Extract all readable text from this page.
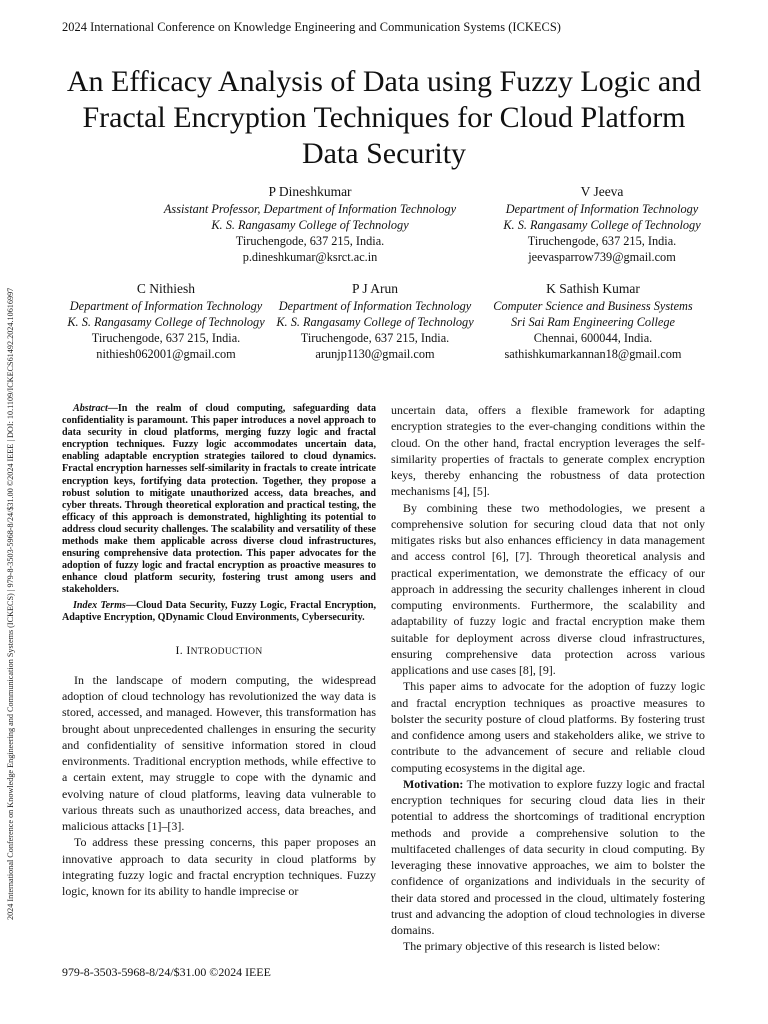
2024 International Conference on Knowledge Engineering and Communication Systems (ICKECS)
2024 International Conference on Knowledge Engineering and Communication Systems (ICKECS) | 979-8-3503-5968-8/24/$31.00 ©2024 IEEE | DOI: 10.1109/ICKECS61492.2024.10616997
An Efficacy Analysis of Data using Fuzzy Logic and Fractal Encryption Techniques for Cloud Platform Data Security
P Dineshkumar
Assistant Professor, Department of Information Technology
K. S. Rangasamy College of Technology
Tiruchengode, 637 215, India.
p.dineshkumar@ksrct.ac.in
V Jeeva
Department of Information Technology
K. S. Rangasamy College of Technology
Tiruchengode, 637 215, India.
jeevasparrow739@gmail.com
C Nithiesh
Department of Information Technology
K. S. Rangasamy College of Technology
Tiruchengode, 637 215, India.
nithiesh062001@gmail.com
P J Arun
Department of Information Technology
K. S. Rangasamy College of Technology
Tiruchengode, 637 215, India.
arunjp1130@gmail.com
K Sathish Kumar
Computer Science and Business Systems
Sri Sai Ram Engineering College
Chennai, 600044, India.
sathishkumarkannan18@gmail.com

Abstract—In the realm of cloud computing, safeguarding data confidentiality is paramount. This paper introduces a novel approach to data security in cloud platforms, merging fuzzy logic and fractal encryption techniques. Fuzzy logic accommodates uncertain data, enabling adaptable encryption strategies tailored to cloud dynamics. Fractal encryption harnesses self-similarity in fractals to create intricate encryption keys, fortifying data protection. Together, they propose a robust solution to mitigate unauthorized access, data breaches, and cyber threats. Through theoretical exploration and practical testing, the efficacy of this approach is demonstrated, highlighting its potential to address cloud security challenges. The scalability and versatility of these methods make them applicable across diverse cloud infrastructures, ensuring comprehensive data protection. This paper advocates for the adoption of fuzzy logic and fractal encryption as proactive measures to enhance cloud platform security, fostering trust among users and stakeholders.

Index Terms—Cloud Data Security, Fuzzy Logic, Fractal Encryption, Adaptive Encryption, QDynamic Cloud Environments, Cybersecurity.

I. INTRODUCTION

In the landscape of modern computing, the widespread adoption of cloud technology has revolutionized the way data is stored, accessed, and managed. However, this transformation has brought about unprecedented challenges in ensuring the security and confidentiality of sensitive information stored in cloud environments. Traditional encryption methods, while effective to a certain extent, may struggle to cope with the dynamic and evolving nature of cloud platforms, leaving data vulnerable to various threats such as unauthorized access, data breaches, and malicious attacks [1]–[3].

To address these pressing concerns, this paper proposes an innovative approach to data security in cloud platforms by integrating fuzzy logic and fractal encryption techniques. Fuzzy logic, known for its ability to handle imprecise or

uncertain data, offers a flexible framework for adapting encryption strategies to the ever-changing conditions within the cloud. On the other hand, fractal encryption leverages the self-similarity properties of fractals to generate complex encryption keys, thereby enhancing the robustness of data protection mechanisms [4], [5].

By combining these two methodologies, we present a comprehensive solution for securing cloud data that not only mitigates risks but also enhances efficiency in data management and access control [6], [7]. Through theoretical analysis and practical experimentation, we demonstrate the efficacy of our approach in addressing the security challenges inherent in cloud computing environments. Furthermore, the scalability and adaptability of fuzzy logic and fractal encryption make them suitable for deployment across diverse cloud infrastructures, ensuring comprehensive data protection across various applications and use cases [8], [9].

This paper aims to advocate for the adoption of fuzzy logic and fractal encryption techniques as proactive measures to bolster the security posture of cloud platforms. By fostering trust and confidence among users and stakeholders alike, we strive to contribute to the advancement of secure and reliable cloud computing ecosystems in the digital age.

Motivation: The motivation to explore fuzzy logic and fractal encryption techniques for securing cloud data lies in their potential to address the shortcomings of traditional encryption methods and provide a comprehensive solution to the multifaceted challenges of data security in cloud computing. By leveraging these innovative approaches, we aim to bolster the confidence of organizations and individuals in the security of their data stored and processed in the cloud, ultimately fostering trust and advancing the adoption of cloud technologies in diverse domains.

The primary objective of this research is listed below:

979-8-3503-5968-8/24/$31.00 ©2024 IEEE
